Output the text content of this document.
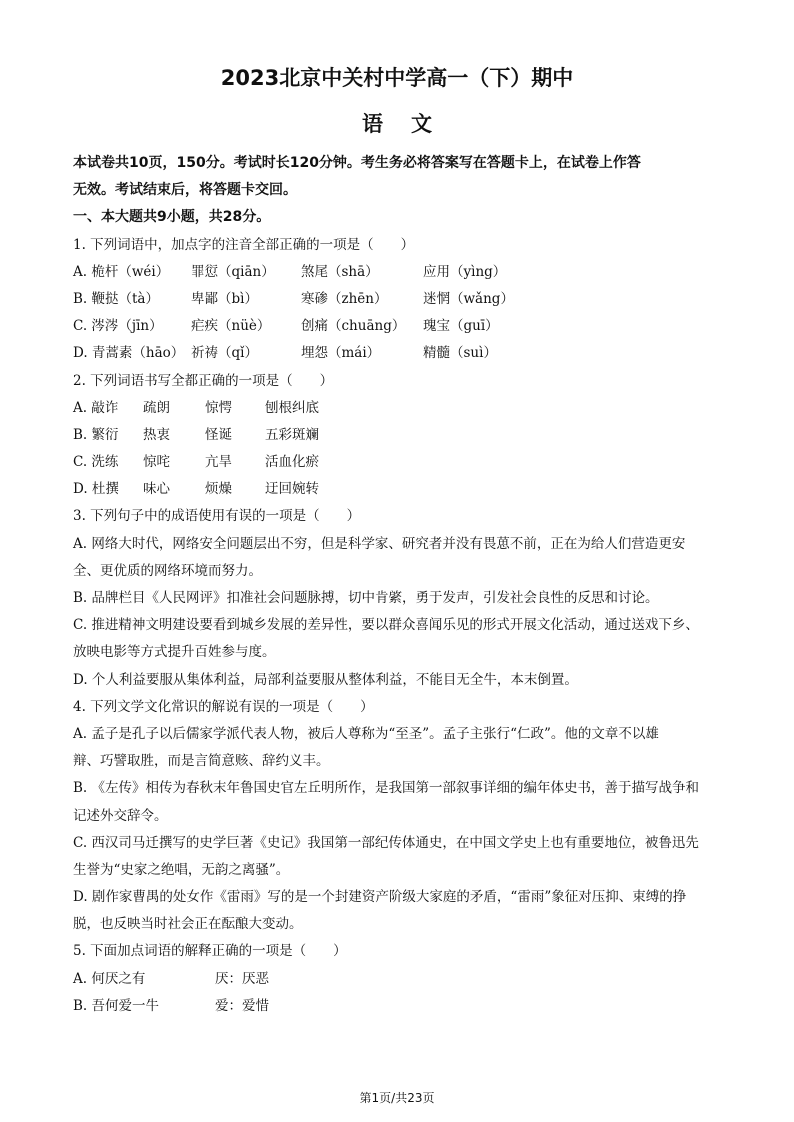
2023北京中关村中学高一（下）期中
语文
本试卷共10页，150分。考试时长120分钟。考生务必将答案写在答题卡上，在试卷上作答
无效。考试结束后，将答题卡交回。
一、本大题共9小题，共28分。
1. 下列词语中，加点字的注音全部正确的一项是（　　）
A. 桅杆（wéi）	罪愆（qiān）	煞尾（shā）	应用（yìng）
B. 鞭挞（tà）	卑鄙（bì）	寒碜（zhēn）	迷惘（wǎng）
C. 涔涔（jīn）	疟疾（nüè）	创痛（chuāng）	瑰宝（guī）
D. 青蒿素（hāo） 祈祷（qǐ）	埋怨（mái）	精髓（suì）
2. 下列词语书写全都正确的一项是（　　）
A. 敲诈	疏朗	惊愕	刨根纠底
B. 繁衍	热衷	怪诞	五彩斑斓
C. 洗练	惊咤	亢旱	活血化瘀
D. 杜撰	味心	烦燥	迂回婉转
3. 下列句子中的成语使用有误的一项是（　　）
A. 网络大时代，网络安全问题层出不穷，但是科学家、研究者并没有畏葸不前，正在为给人们营造更安
全、更优质的网络环境而努力。
B. 品牌栏目《人民网评》扣准社会问题脉搏，切中肯綮，勇于发声，引发社会良性的反思和讨论。
C. 推进精神文明建设要看到城乡发展的差异性，要以群众喜闻乐见的形式开展文化活动，通过送戏下乡、
放映电影等方式提升百姓参与度。
D. 个人利益要服从集体利益，局部利益要服从整体利益，不能目无全牛，本末倒置。
4. 下列文学文化常识的解说有误的一项是（　　）
A. 孟子是孔子以后儒家学派代表人物，被后人尊称为“至圣”。孟子主张行“仁政”。他的文章不以雄
辩、巧譬取胜，而是言简意赅、辞约义丰。
B. 《左传》相传为春秋末年鲁国史官左丘明所作，是我国第一部叙事详细的编年体史书，善于描写战争和
记述外交辞令。
C. 西汉司马迁撰写的史学巨著《史记》我国第一部纪传体通史，在中国文学史上也有重要地位，被鲁迅先
生誉为“史家之绝唱，无韵之离骚”。
D. 剧作家曹禺的处女作《雷雨》写的是一个封建资产阶级大家庭的矛盾，“雷雨”象征对压抑、束缚的挣
脱，也反映当时社会正在酝酿大变动。
5. 下面加点词语的解释正确的一项是（　　）
A. 何厌之有	厌：厌恶
B. 吾何爱一牛	爱：爱惜
第1页/共23页
